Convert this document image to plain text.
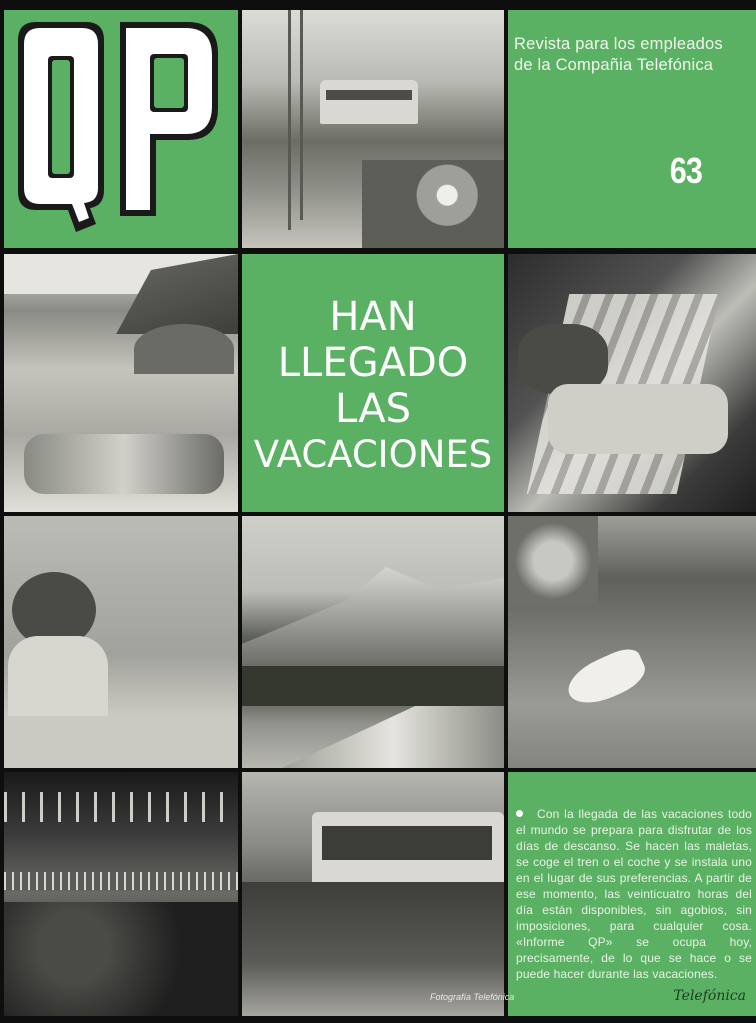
Revista para los empleados
de la Compañia Telefónica
63
HAN
LLEGADO
LAS
VACACIONES
Con la llegada de las vacaciones todo el mundo se prepara para disfrutar de los días de descanso. Se hacen las maletas, se coge el tren o el coche y se instala uno en el lugar de sus preferencias. A partir de ese momento, las veinticuatro horas del día están disponibles, sin agobios, sin imposiciones, para cualquier cosa. «Informe QP» se ocupa hoy, precisamente, de lo que se hace o se puede hacer durante las vacaciones.
Telefónica
Fotografía Telefónica
